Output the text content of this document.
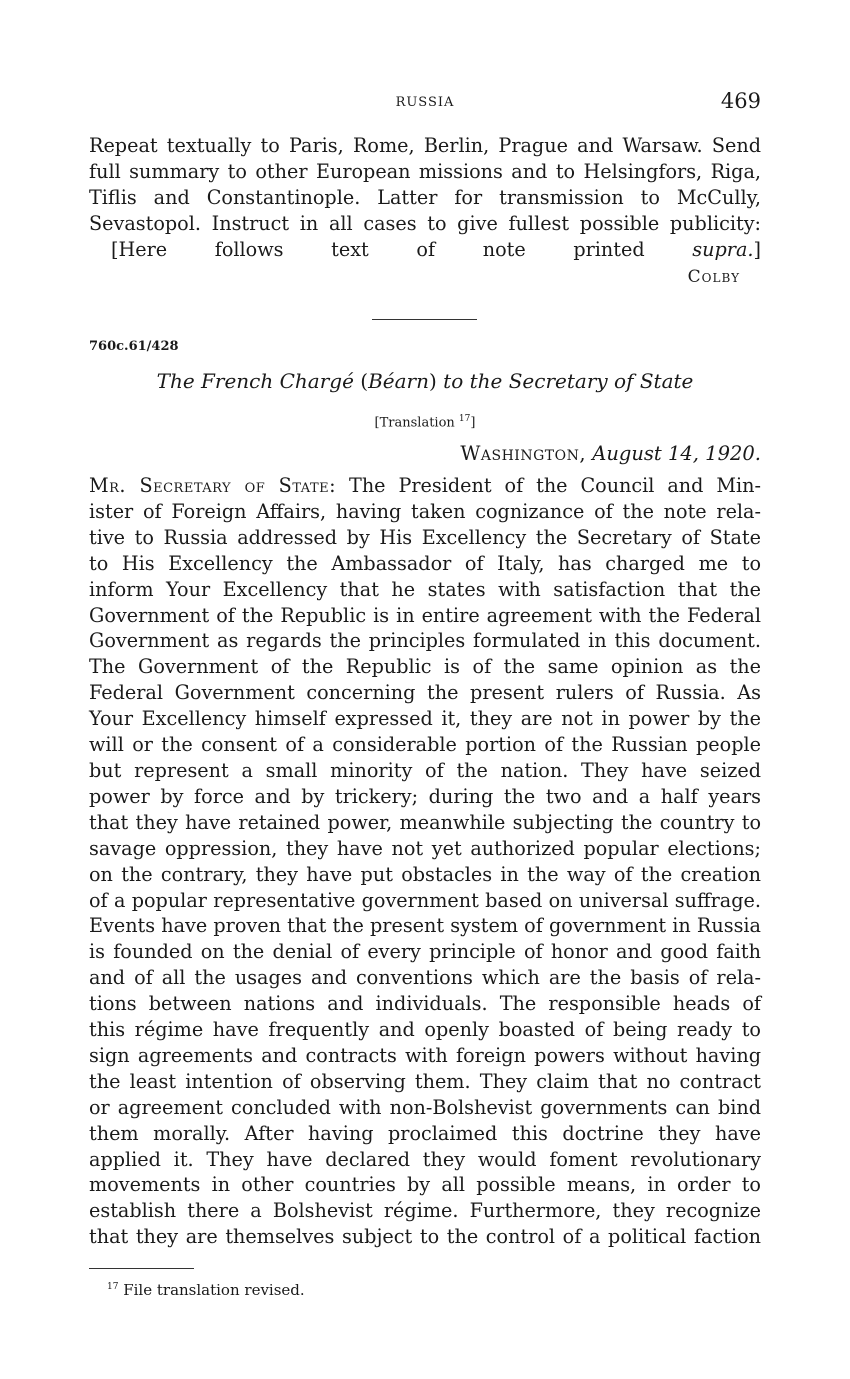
RUSSIA	469
Repeat textually to Paris, Rome, Berlin, Prague and Warsaw. Send
full summary to other European missions and to Helsingfors, Riga,
Tiflis and Constantinople. Latter for transmission to McCully,
Sevastopol. Instruct in all cases to give fullest possible publicity:
[Here follows text of note printed supra.]
Colby
760c.61/428
The French Chargé (Béarn) to the Secretary of State
[Translation $^{17}$]
Washington, August 14, 1920.
Mr. Secretary of State: The President of the Council and Min-
ister of Foreign Affairs, having taken cognizance of the note rela-
tive to Russia addressed by His Excellency the Secretary of State
to His Excellency the Ambassador of Italy, has charged me to
inform Your Excellency that he states with satisfaction that the
Government of the Republic is in entire agreement with the Federal
Government as regards the principles formulated in this document.
The Government of the Republic is of the same opinion as the
Federal Government concerning the present rulers of Russia. As
Your Excellency himself expressed it, they are not in power by the
will or the consent of a considerable portion of the Russian people
but represent a small minority of the nation. They have seized
power by force and by trickery; during the two and a half years
that they have retained power, meanwhile subjecting the country to
savage oppression, they have not yet authorized popular elections;
on the contrary, they have put obstacles in the way of the creation
of a popular representative government based on universal suffrage.
Events have proven that the present system of government in Russia
is founded on the denial of every principle of honor and good faith
and of all the usages and conventions which are the basis of rela-
tions between nations and individuals. The responsible heads of
this régime have frequently and openly boasted of being ready to
sign agreements and contracts with foreign powers without having
the least intention of observing them. They claim that no contract
or agreement concluded with non-Bolshevist governments can bind
them morally. After having proclaimed this doctrine they have
applied it. They have declared they would foment revolutionary
movements in other countries by all possible means, in order to
establish there a Bolshevist régime. Furthermore, they recognize
that they are themselves subject to the control of a political faction
$^{17}$ File translation revised.
